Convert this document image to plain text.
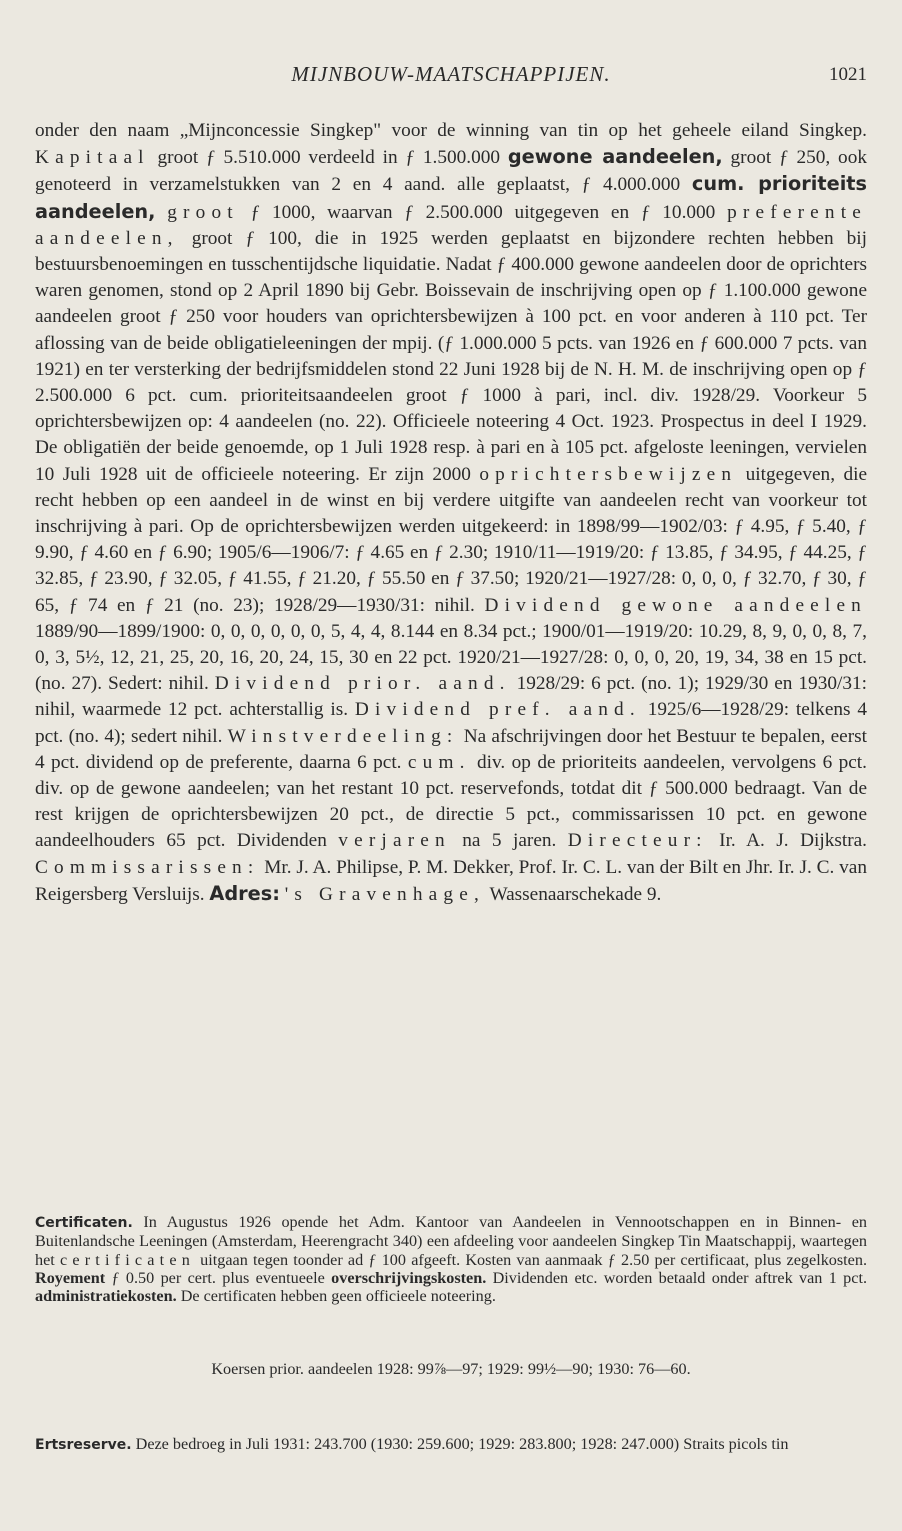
MIJNBOUW-MAATSCHAPPIJEN.	1021

onder den naam „Mijnconcessie Singkep" voor de winning van tin op het geheele eiland Singkep. Kapitaal groot ƒ 5.510.000 verdeeld in ƒ 1.500.000 gewone aandeelen, groot ƒ 250, ook genoteerd in verzamelstukken van 2 en 4 aand. alle geplaatst, ƒ 4.000.000 cum. prioriteits aandeelen, groot ƒ 1000, waarvan ƒ 2.500.000 uitgegeven en ƒ 10.000 preferente aandeelen, groot ƒ 100, die in 1925 werden geplaatst en bijzondere rechten hebben bij bestuursbenoemingen en tusschentijdsche liquidatie. Nadat ƒ 400.000 gewone aandeelen door de oprichters waren genomen, stond op 2 April 1890 bij Gebr. Boissevain de inschrijving open op ƒ 1.100.000 gewone aandeelen groot ƒ 250 voor houders van oprichtersbewijzen à 100 pct. en voor anderen à 110 pct. Ter aflossing van de beide obligatieleeningen der mpij. (ƒ 1.000.000 5 pcts. van 1926 en ƒ 600.000 7 pcts. van 1921) en ter versterking der bedrijfsmiddelen stond 22 Juni 1928 bij de N. H. M. de inschrijving open op ƒ 2.500.000 6 pct. cum. prioriteitsaandeelen groot ƒ 1000 à pari, incl. div. 1928/29. Voorkeur 5 oprichtersbewijzen op: 4 aandeelen (no. 22). Officieele noteering 4 Oct. 1923. Prospectus in deel I 1929. De obligatiën der beide genoemde, op 1 Juli 1928 resp. à pari en à 105 pct. afgeloste leeningen, vervielen 10 Juli 1928 uit de officieele noteering. Er zijn 2000 oprichtersbewijzen uitgegeven, die recht hebben op een aandeel in de winst en bij verdere uitgifte van aandeelen recht van voorkeur tot inschrijving à pari. Op de oprichtersbewijzen werden uitgekeerd: in 1898/99—1902/03: ƒ 4.95, ƒ 5.40, ƒ 9.90, ƒ 4.60 en ƒ 6.90; 1905/6—1906/7: ƒ 4.65 en ƒ 2.30; 1910/11—1919/20: ƒ 13.85, ƒ 34.95, ƒ 44.25, ƒ 32.85, ƒ 23.90, ƒ 32.05, ƒ 41.55, ƒ 21.20, ƒ 55.50 en ƒ 37.50; 1920/21—1927/28: 0, 0, 0, ƒ 32.70, ƒ 30, ƒ 65, ƒ 74 en ƒ 21 (no. 23); 1928/29—1930/31: nihil. Dividend gewone aandeelen 1889/90—1899/1900: 0, 0, 0, 0, 0, 0, 5, 4, 4, 8.144 en 8.34 pct.; 1900/01—1919/20: 10.29, 8, 9, 0, 0, 8, 7, 0, 3, 5½, 12, 21, 25, 20, 16, 20, 24, 15, 30 en 22 pct. 1920/21—1927/28: 0, 0, 0, 20, 19, 34, 38 en 15 pct. (no. 27). Sedert: nihil. Dividend prior. aand. 1928/29: 6 pct. (no. 1); 1929/30 en 1930/31: nihil, waarmede 12 pct. achterstallig is. Dividend pref. aand. 1925/6—1928/29: telkens 4 pct. (no. 4); sedert nihil. Winstverdeeling: Na afschrijvingen door het Bestuur te bepalen, eerst 4 pct. dividend op de preferente, daarna 6 pct. cum. div. op de prioriteits aandeelen, vervolgens 6 pct. div. op de gewone aandeelen; van het restant 10 pct. reservefonds, totdat dit ƒ 500.000 bedraagt. Van de rest krijgen de oprichtersbewijzen 20 pct., de directie 5 pct., commissarissen 10 pct. en gewone aandeelhouders 65 pct. Dividenden verjaren na 5 jaren. Directeur: Ir. A. J. Dijkstra. Commissarissen: Mr. J. A. Philipse, P. M. Dekker, Prof. Ir. C. L. van der Bilt en Jhr. Ir. J. C. van Reigersberg Versluijs. Adres: 's Gravenhage, Wassenaarschekade 9.

Certificaten. In Augustus 1926 opende het Adm. Kantoor van Aandeelen in Vennootschappen en in Binnen- en Buitenlandsche Leeningen (Amsterdam, Heerengracht 340) een afdeeling voor aandeelen Singkep Tin Maatschappij, waartegen het certificaten uitgaan tegen toonder ad ƒ 100 afgeeft. Kosten van aanmaak ƒ 2.50 per certificaat, plus zegelkosten. Royement ƒ 0.50 per cert. plus eventueele overschrijvingskosten. Dividenden etc. worden betaald onder aftrek van 1 pct. administratiekosten. De certificaten hebben geen officieele noteering.

Koersen prior. aandeelen 1928: 99⅞—97; 1929: 99½—90; 1930: 76—60.

Ertsreserve. Deze bedroeg in Juli 1931: 243.700 (1930: 259.600; 1929: 283.800; 1928: 247.000) Straits picols tin
